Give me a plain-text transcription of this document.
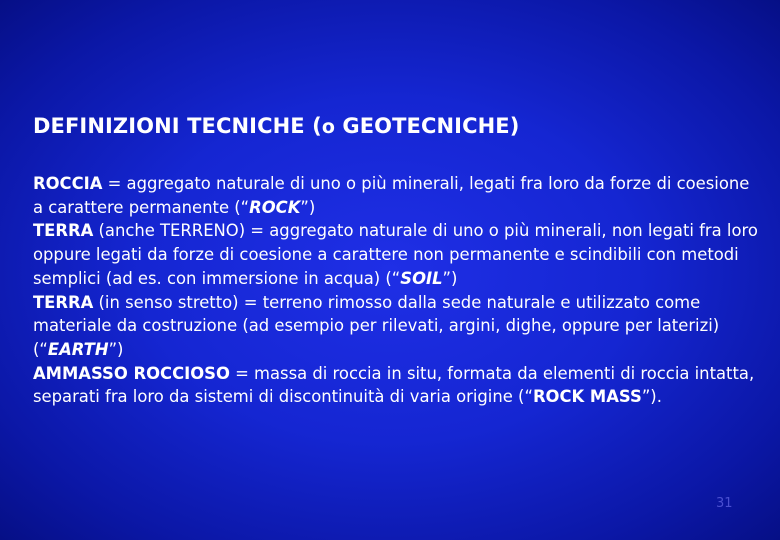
DEFINIZIONI TECNICHE (o GEOTECNICHE)

ROCCIA = aggregato naturale di uno o più minerali, legati fra loro da forze di coesione a carattere permanente (“ROCK”)

TERRA (anche TERRENO) = aggregato naturale di uno o più minerali, non legati fra loro oppure legati da forze di coesione a carattere non permanente e scindibili con metodi semplici (ad es. con immersione in acqua) (“SOIL”)

TERRA (in senso stretto) = terreno rimosso dalla sede naturale e utilizzato come materiale da costruzione (ad esempio per rilevati, argini, dighe, oppure per laterizi) (“EARTH”)

AMMASSO ROCCIOSO = massa di roccia in situ, formata da elementi di roccia intatta, separati fra loro da sistemi di discontinuità di varia origine (“ROCK MASS”).

31
